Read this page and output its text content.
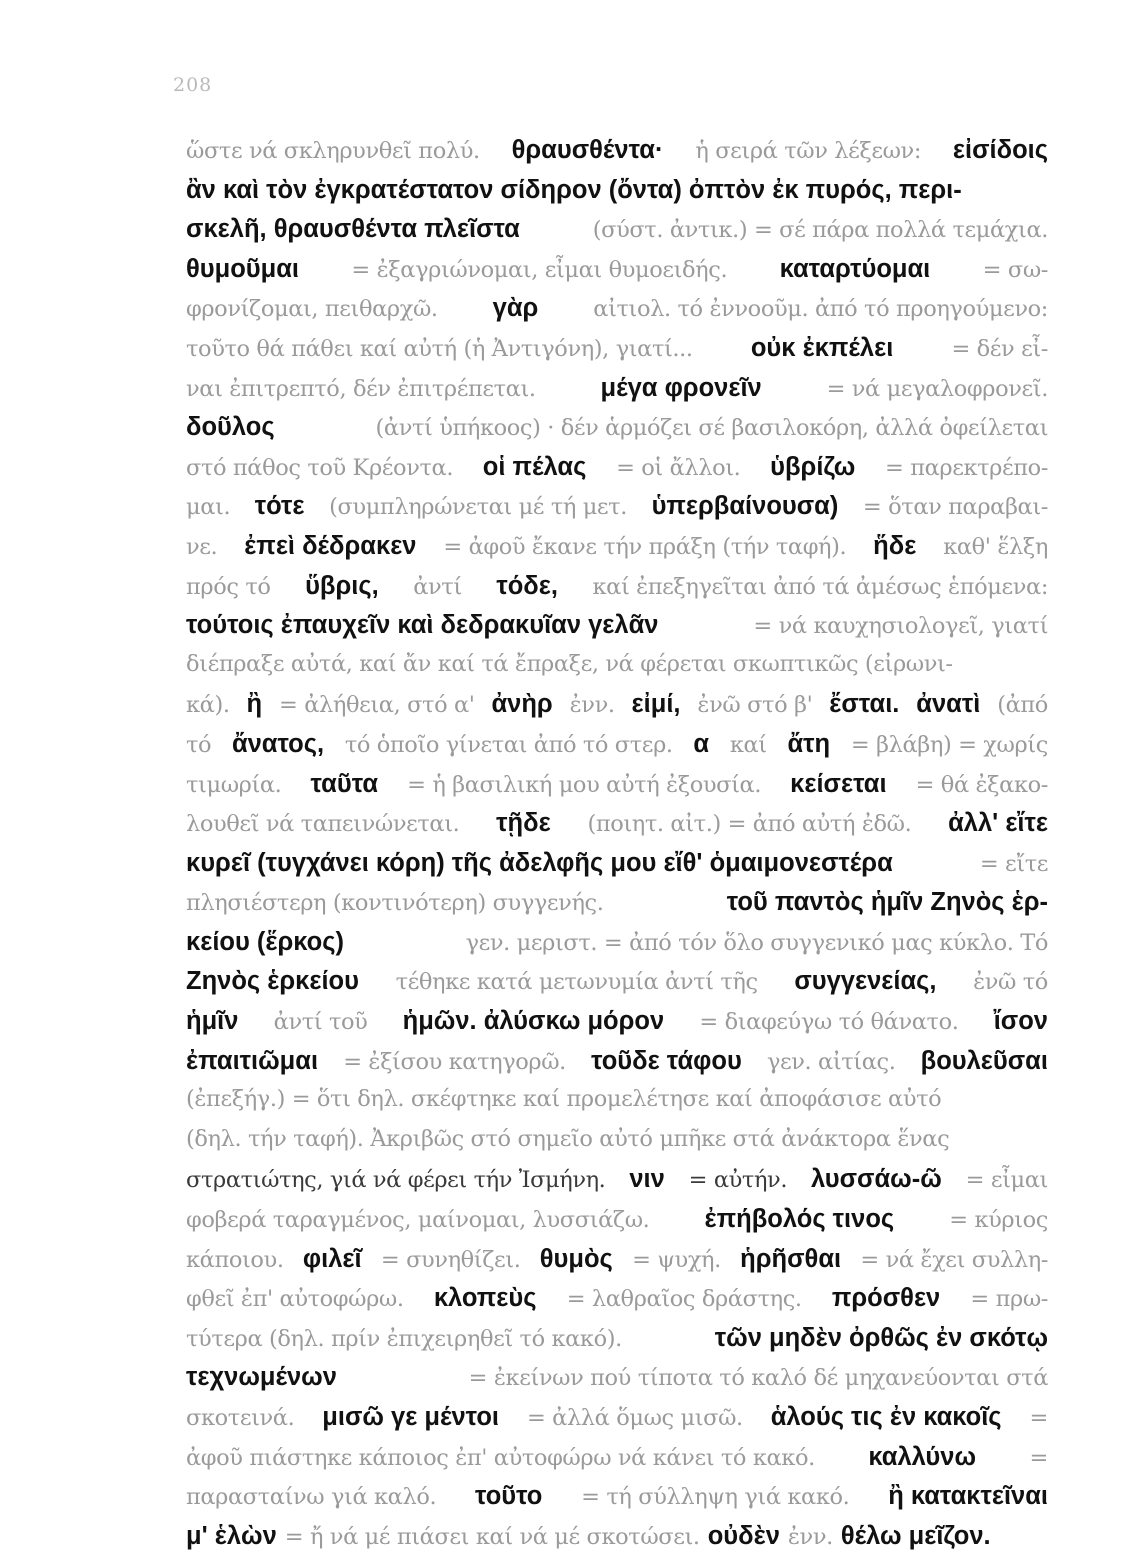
208
ὥστε νά σκληρυνθεῖ πολύ. θραυσθέντα· ἡ σειρά τῶν λέξεων: εἰσίδοις
ἂν καὶ τὸν ἐγκρατέστατον σίδηρον (ὄντα) ὀπτὸν ἐκ πυρός, περι-
σκελῆ, θραυσθέντα πλεῖστα	(σύστ. ἀντικ.) = σέ πάρα πολλά τεμάχια.
θυμοῦμαι = ἐξαγριώνομαι, εἶμαι θυμοειδής. καταρτύομαι = σω-
φρονίζομαι, πειθαρχῶ. γὰρ αἰτιολ. τό ἐννοοῦμ. ἀπό τό προηγούμενο:
τοῦτο θά πάθει καί αὐτή (ἡ Ἀντιγόνη), γιατί... οὐκ ἐκπέλει	= δέν εἶ-
ναι ἐπιτρεπτό, δέν ἐπιτρέπεται.	μέγα φρονεῖν	= νά μεγαλοφρονεῖ.
δοῦλος	(ἀντί ὑπήκοος) · δέν ἁρμόζει σέ βασιλοκόρη, ἀλλά ὀφείλεται
στό πάθος τοῦ Κρέοντα. οἱ πέλας = οἱ ἄλλοι. ὑβρίζω = παρεκτρέπο-
μαι. τότε (συμπληρώνεται μέ τή μετ. ὑπερβαίνουσα) = ὅταν παραβαι-
νε. ἐπεὶ δέδρακεν = ἀφοῦ ἔκανε τήν πράξη (τήν ταφή). ἥδε καθ' ἕλξη
πρός τό ὕβρις, ἀντί τόδε, καί ἐπεξηγεῖται ἀπό τά ἀμέσως ἑπόμενα:
τούτοις ἐπαυχεῖν καὶ δεδρακυῖαν γελᾶν	= νά καυχησιολογεῖ, γιατί
διέπραξε αὐτά, καί ἄν καί τά ἔπραξε, νά φέρεται σκωπτικῶς (εἰρωνι-
κά). ἢ = ἀλήθεια, στό α' ἀνὴρ ἐνν. εἰμί, ἐνῶ στό β' ἔσται. ἀνατὶ (ἀπό
τό ἄνατος, τό ὁποῖο γίνεται ἀπό τό στερ. α καί ἄτη = βλάβη) = χωρίς
τιμωρία. ταῦτα = ἡ βασιλική μου αὐτή ἐξουσία. κείσεται = θά ἐξακο-
λουθεῖ νά ταπεινώνεται. τῇδε (ποιητ. αἰτ.) = ἀπό αὐτή ἐδῶ. ἀλλ' εἴτε
κυρεῖ (τυγχάνει κόρη) τῆς ἀδελφῆς μου εἴθ' ὁμαιμονεστέρα	= εἴτε
πλησιέστερη (κοντινότερη) συγγενής.	τοῦ παντὸς ἡμῖν Ζηνὸς ἑρ-
κείου (ἕρκος)	γεν. μεριστ. = ἀπό τόν ὅλο συγγενικό μας κύκλο. Τό
Ζηνὸς ἑρκείου τέθηκε κατά μετωνυμία ἀντί τῆς συγγενείας, ἐνῶ τό
ἡμῖν ἀντί τοῦ ἡμῶν. ἀλύσκω μόρον = διαφεύγω τό θάνατο. ἴσον
ἐπαιτιῶμαι = ἐξίσου κατηγορῶ. τοῦδε τάφου γεν. αἰτίας. βουλεῦσαι
(ἐπεξήγ.) = ὅτι δηλ. σκέφτηκε καί προμελέτησε καί ἀποφάσισε αὐτό
(δηλ. τήν ταφή). Ἀκριβῶς στό σημεῖο αὐτό μπῆκε στά ἀνάκτορα ἕνας
στρατιώτης, γιά νά φέρει τήν Ἰσμήνη. νιν = αὐτήν. λυσσάω-ῶ = εἶμαι
φοβερά ταραγμένος, μαίνομαι, λυσσιάζω. ἐπήβολός τινος = κύριος
κάποιου. φιλεῖ = συνηθίζει. θυμὸς = ψυχή. ἡρῆσθαι = νά ἔχει συλλη-
φθεῖ ἐπ' αὐτοφώρω. κλοπεὺς = λαθραῖος δράστης. πρόσθεν = πρω-
τύτερα (δηλ. πρίν ἐπιχειρηθεῖ τό κακό).	τῶν μηδὲν ὀρθῶς ἐν σκότῳ
τεχνωμένων	= ἐκείνων πού τίποτα τό καλό δέ μηχανεύονται στά
σκοτεινά. μισῶ γε μέντοι = ἀλλά ὅμως μισῶ. ἁλούς τις ἐν κακοῖς =
ἀφοῦ πιάστηκε κάποιος ἐπ' αὐτοφώρω νά κάνει τό κακό. καλλύνω =
παρασταίνω γιά καλό. τοῦτο = τή σύλληψη γιά κακό. ἢ κατακτεῖναι
μ' ἑλὼν = ἤ νά μέ πιάσει καί νά μέ σκοτώσει. οὐδὲν ἐνν. θέλω μεῖζον.
